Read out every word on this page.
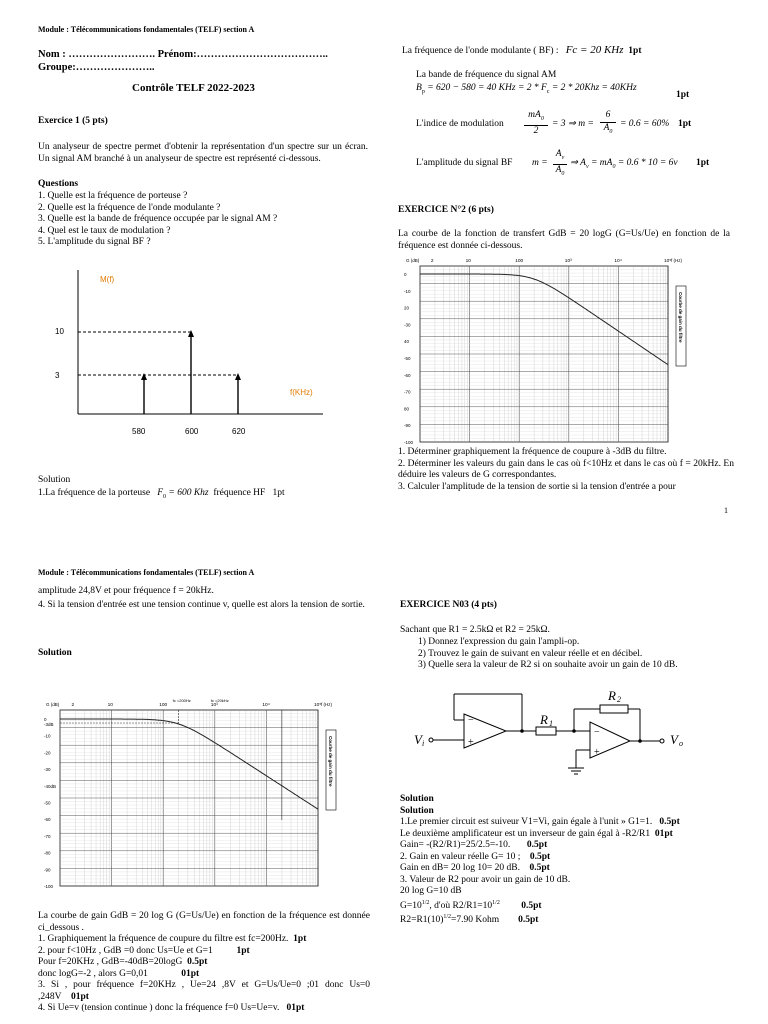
Module : Télécommunications fondamentales (TELF) section A
Nom : ……………………. Prénom:………………………………..
Groupe:…………………..
Contrôle TELF 2022-2023
Exercice 1 (5 pts)
Un analyseur de spectre permet d'obtenir la représentation d'un spectre sur un écran. Un signal AM branché à un analyseur de spectre est représenté ci-dessous.
Questions
1. Quelle est la fréquence de porteuse ?
2. Quelle est la fréquence de l'onde modulante ?
3. Quelle est la bande de fréquence occupée par le signal AM ?
4. Quel est le taux de modulation ?
5. L'amplitude du signal BF ?
M(f)
f(KHz)
10
3
580	600	620
Solution
1.La fréquence de la porteuse $F_0 = 600$ Khz fréquence HF 1pt
La fréquence de l'onde modulante ( BF) : Fc = 20 KHz 1pt
La bande de fréquence du signal AM
$B_p = 620 - 580 = 40$ KHz = $2 * F_c = 2 * 20Khz = 40KHz$
1pt
L'indice de modulation
$mA_0$
2
= 3 ⇒ m =
6
$A_0$
= 0.6 = 60% 1pt
L'amplitude du signal BF m =
$A_v$
$A_0$
⇒ $A_v = mA_0 = 0.6 * 10 = 6v$ 1pt
EXERCICE N°2 (6 pts)
La courbe de la fonction de transfert GdB = 20 logG (G=Us/Ue) en fonction de la fréquence est donnée ci-dessous.
G (dB)	f (Hz)
2	10	100	10³	10⁴	10⁵
0
-10
20
-30
40
-50
-60
-70
80
-90
-100
Courbe de gain du filtre
1. Déterminer graphiquement la fréquence de coupure à -3dB du filtre.
2. Déterminer les valeurs du gain dans le cas où f<10Hz et dans le cas où f = 20kHz. En déduire les valeurs de G correspondantes.
3. Calculer l'amplitude de la tension de sortie si la tension d'entrée a pour
1
Module : Télécommunications fondamentales (TELF) section A
amplitude 24,8V et pour fréquence f = 20kHz.
4. Si la tension d'entrée est une tension continue v, quelle est alors la tension de sortie.
Solution
G (dB)	f (Hz)
2	10	100	10³	10⁴	10⁵
0
-3dB
-10
-20
-30
-40dB
-50
-60
-70
-80
-90
-100
Courbe de gain du filtre
fc =200Hz	fc =20kHz
La courbe de gain GdB = 20 log G (G=Us/Ue) en fonction de la fréquence est donnée ci_dessous .
1. Graphiquement la fréquence de coupure du filtre est fc=200Hz. 1pt
2. pour f<10Hz , GdB =0 donc Us=Ue et G=1	1pt
Pour f=20KHz , GdB=-40dB=20logG 0.5pt
donc logG=-2 , alors G=0,01	01pt
3. Si , pour fréquence f=20KHz , Ue=24 ,8V et G=Us/Ue=0 ;01 donc Us=0 ,248V 01pt
4. Si Ue=v (tension continue ) donc la fréquence f=0 Us=Ue=v. 01pt
EXERCICE N03 (4 pts)
Sachant que R1 = 2.5kΩ et R2 = 25kΩ.
1) Donnez l'expression du gain l'ampli-op.
2) Trouvez le gain de suivant en valeur réelle et en décibel.
3) Quelle sera la valeur de R2 si on souhaite avoir un gain de 10 dB.
−
+
−
+
V i	V o
R 1
R 2
Solution
Solution
1.Le premier circuit est suiveur V1=Vi, gain égale à l'unit » G1=1. 0.5pt
Le deuxième amplificateur est un inverseur de gain égal à -R2/R1 01pt
Gain= -(R2/R1)=25/2.5=-10. 0.5pt
2. Gain en valeur réelle G= 10 ; 0.5pt
Gain en dB= 20 log 10= 20 dB. 0.5pt
3. Valeur de R2 pour avoir un gain de 10 dB.
20 log G=10 dB
$G=10^{1/2}$, d'où $R2/R1=10^{1/2}$ 0.5pt
$R2=R1(10)^{1/2}=7.90$ Kohm 0.5pt
